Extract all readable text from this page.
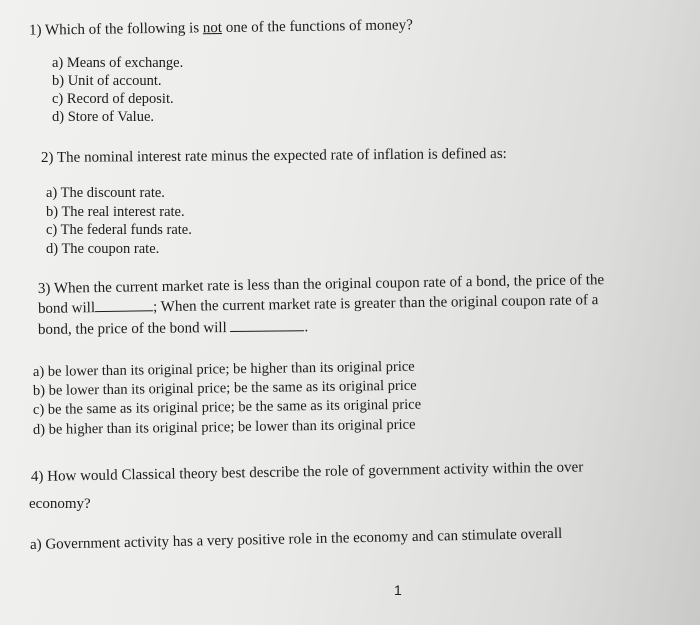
1) Which of the following is not one of the functions of money?
a) Means of exchange.
b) Unit of account.
c) Record of deposit.
d) Store of Value.
2) The nominal interest rate minus the expected rate of inflation is defined as:
a) The discount rate.
b) The real interest rate.
c) The federal funds rate.
d) The coupon rate.
3) When the current market rate is less than the original coupon rate of a bond, the price of the
bond will	; When the current market rate is greater than the original coupon rate of a
bond, the price of the bond will	.
a) be lower than its original price; be higher than its original price
b) be lower than its original price; be the same as its original price
c) be the same as its original price; be the same as its original price
d) be higher than its original price; be lower than its original price
4) How would Classical theory best describe the role of government activity within the over
economy?
a) Government activity has a very positive role in the economy and can stimulate overall
1
